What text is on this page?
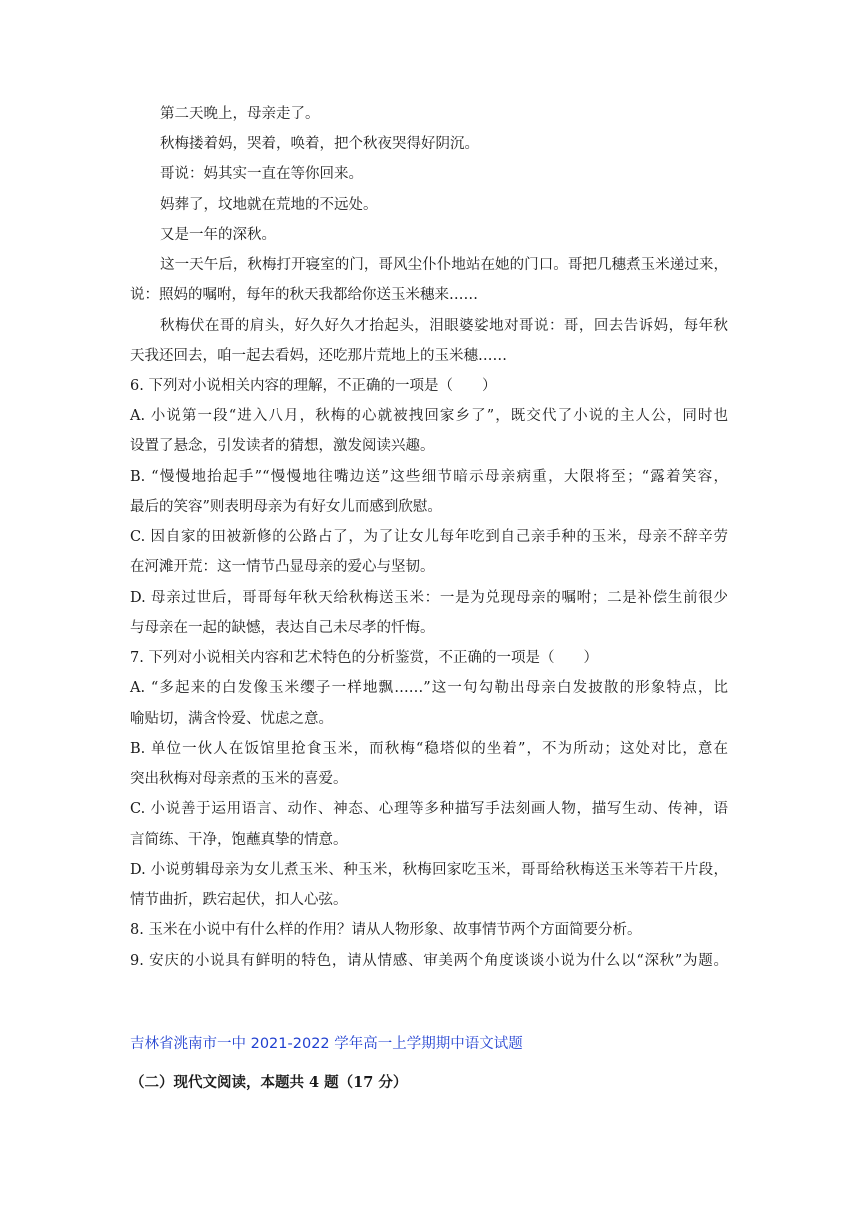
第二天晚上，母亲走了。
秋梅搂着妈，哭着，唤着，把个秋夜哭得好阴沉。
哥说：妈其实一直在等你回来。
妈葬了，坟地就在荒地的不远处。
又是一年的深秋。
这一天午后，秋梅打开寝室的门，哥风尘仆仆地站在她的门口。哥把几穗煮玉米递过来，
说：照妈的嘱咐，每年的秋天我都给你送玉米穗来……
秋梅伏在哥的肩头，好久好久才抬起头，泪眼婆娑地对哥说：哥，回去告诉妈，每年秋
天我还回去，咱一起去看妈，还吃那片荒地上的玉米穗……
6. 下列对小说相关内容的理解，不正确的一项是（　　）
A. 小说第一段“进入八月，秋梅的心就被拽回家乡了”，既交代了小说的主人公，同时也
设置了悬念，引发读者的猜想，激发阅读兴趣。
B. “慢慢地抬起手”“慢慢地往嘴边送”这些细节暗示母亲病重，大限将至；“露着笑容，
最后的笑容”则表明母亲为有好女儿而感到欣慰。
C. 因自家的田被新修的公路占了，为了让女儿每年吃到自己亲手种的玉米，母亲不辞辛劳
在河滩开荒：这一情节凸显母亲的爱心与坚韧。
D. 母亲过世后，哥哥每年秋天给秋梅送玉米：一是为兑现母亲的嘱咐；二是补偿生前很少
与母亲在一起的缺憾，表达自己未尽孝的忏悔。
7. 下列对小说相关内容和艺术特色的分析鉴赏，不正确的一项是（　　）
A. “多起来的白发像玉米缨子一样地飘……”这一句勾勒出母亲白发披散的形象特点，比
喻贴切，满含怜爱、忧虑之意。
B. 单位一伙人在饭馆里抢食玉米，而秋梅“稳塔似的坐着”，不为所动；这处对比，意在
突出秋梅对母亲煮的玉米的喜爱。
C. 小说善于运用语言、动作、神态、心理等多种描写手法刻画人物，描写生动、传神，语
言简练、干净，饱蘸真挚的情意。
D. 小说剪辑母亲为女儿煮玉米、种玉米，秋梅回家吃玉米，哥哥给秋梅送玉米等若干片段，
情节曲折，跌宕起伏，扣人心弦。
8. 玉米在小说中有什么样的作用？请从人物形象、故事情节两个方面简要分析。
9. 安庆的小说具有鲜明的特色，请从情感、审美两个角度谈谈小说为什么以“深秋”为题。
吉林省洮南市一中 2021-2022 学年高一上学期期中语文试题
（二）现代文阅读，本题共 4 题（17 分）
